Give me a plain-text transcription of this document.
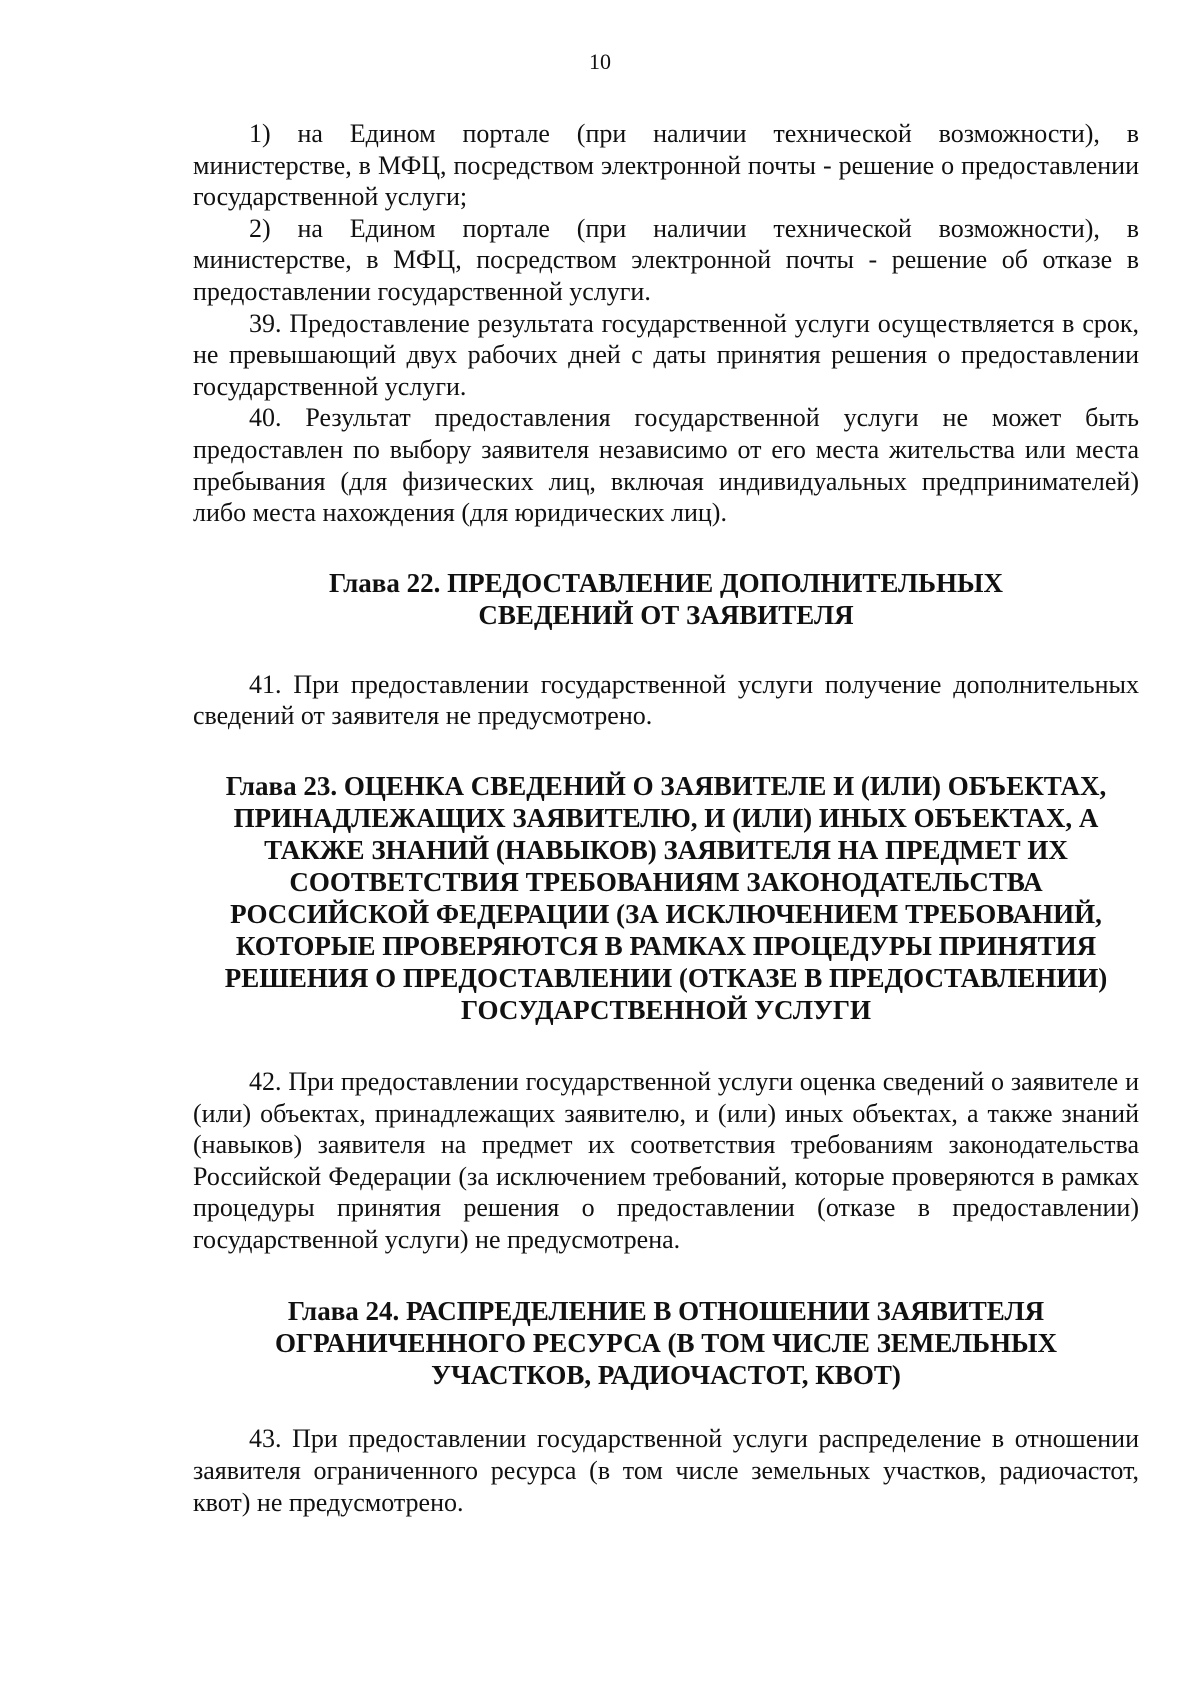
10

1) на Едином портале (при наличии технической возможности), в министерстве, в МФЦ, посредством электронной почты - решение о предоставлении государственной услуги;

2) на Едином портале (при наличии технической возможности), в министерстве, в МФЦ, посредством электронной почты - решение об отказе в предоставлении государственной услуги.

39. Предоставление результата государственной услуги осуществляется в срок, не превышающий двух рабочих дней с даты принятия решения о предоставлении государственной услуги.

40. Результат предоставления государственной услуги не может быть предоставлен по выбору заявителя независимо от его места жительства или места пребывания (для физических лиц, включая индивидуальных предпринимателей) либо места нахождения (для юридических лиц).

Глава 22. ПРЕДОСТАВЛЕНИЕ ДОПОЛНИТЕЛЬНЫХ СВЕДЕНИЙ ОТ ЗАЯВИТЕЛЯ

41. При предоставлении государственной услуги получение дополнительных сведений от заявителя не предусмотрено.

Глава 23. ОЦЕНКА СВЕДЕНИЙ О ЗАЯВИТЕЛЕ И (ИЛИ) ОБЪЕКТАХ, ПРИНАДЛЕЖАЩИХ ЗАЯВИТЕЛЮ, И (ИЛИ) ИНЫХ ОБЪЕКТАХ, А ТАКЖЕ ЗНАНИЙ (НАВЫКОВ) ЗАЯВИТЕЛЯ НА ПРЕДМЕТ ИХ СООТВЕТСТВИЯ ТРЕБОВАНИЯМ ЗАКОНОДАТЕЛЬСТВА РОССИЙСКОЙ ФЕДЕРАЦИИ (ЗА ИСКЛЮЧЕНИЕМ ТРЕБОВАНИЙ, КОТОРЫЕ ПРОВЕРЯЮТСЯ В РАМКАХ ПРОЦЕДУРЫ ПРИНЯТИЯ РЕШЕНИЯ О ПРЕДОСТАВЛЕНИИ (ОТКАЗЕ В ПРЕДОСТАВЛЕНИИ) ГОСУДАРСТВЕННОЙ УСЛУГИ

42. При предоставлении государственной услуги оценка сведений о заявителе и (или) объектах, принадлежащих заявителю, и (или) иных объектах, а также знаний (навыков) заявителя на предмет их соответствия требованиям законодательства Российской Федерации (за исключением требований, которые проверяются в рамках процедуры принятия решения о предоставлении (отказе в предоставлении) государственной услуги) не предусмотрена.

Глава 24. РАСПРЕДЕЛЕНИЕ В ОТНОШЕНИИ ЗАЯВИТЕЛЯ ОГРАНИЧЕННОГО РЕСУРСА (В ТОМ ЧИСЛЕ ЗЕМЕЛЬНЫХ УЧАСТКОВ, РАДИОЧАСТОТ, КВОТ)

43. При предоставлении государственной услуги распределение в отношении заявителя ограниченного ресурса (в том числе земельных участков, радиочастот, квот) не предусмотрено.
